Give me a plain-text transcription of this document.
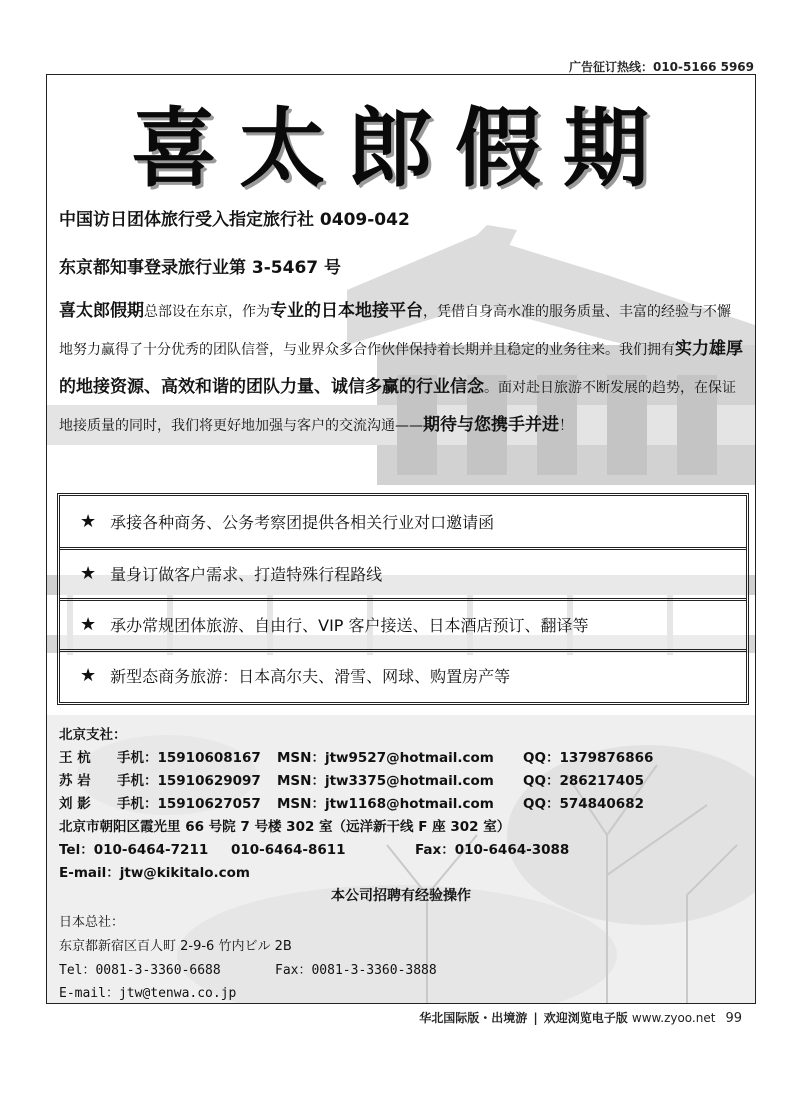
广告征订热线：010-5166 5969
喜太郎假期
中国访日团体旅行受入指定旅行社 0409-042
东京都知事登录旅行业第 3-5467 号
喜太郎假期总部设在东京，作为专业的日本地接平台，凭借自身高水准的服务质量、丰富的经验与不懈地努力赢得了十分优秀的团队信誉，与业界众多合作伙伴保持着长期并且稳定的业务往来。我们拥有实力雄厚的地接资源、高效和谐的团队力量、诚信多赢的行业信念。面对赴日旅游不断发展的趋势，在保证地接质量的同时，我们将更好地加强与客户的交流沟通——期待与您携手并进！
★ 承接各种商务、公务考察团提供各相关行业对口邀请函
★ 量身订做客户需求、打造特殊行程路线
★ 承办常规团体旅游、自由行、VIP 客户接送、日本酒店预订、翻译等
★ 新型态商务旅游：日本高尔夫、滑雪、网球、购置房产等
北京支社：
王 杭 手机：15910608167 MSN：jtw9527@hotmail.com QQ：1379876866
苏 岩 手机：15910629097 MSN：jtw3375@hotmail.com QQ：286217405
刘 影 手机：15910627057 MSN：jtw1168@hotmail.com QQ：574840682
北京市朝阳区霞光里 66 号院 7 号楼 302 室（远洋新干线 F 座 302 室）
Tel：010-6464-7211 010-6464-8611	Fax：010-6464-3088
E-mail：jtw@kikitalo.com
本公司招聘有经验操作
日本总社：
东京都新宿区百人町 2-9-6 竹内ビル 2B
Tel：0081-3-3360-6688	Fax：0081-3-3360-3888
E-mail：jtw@tenwa.co.jp
华北国际版・出境游 | 欢迎浏览电子版 www.zyoo.net 99
